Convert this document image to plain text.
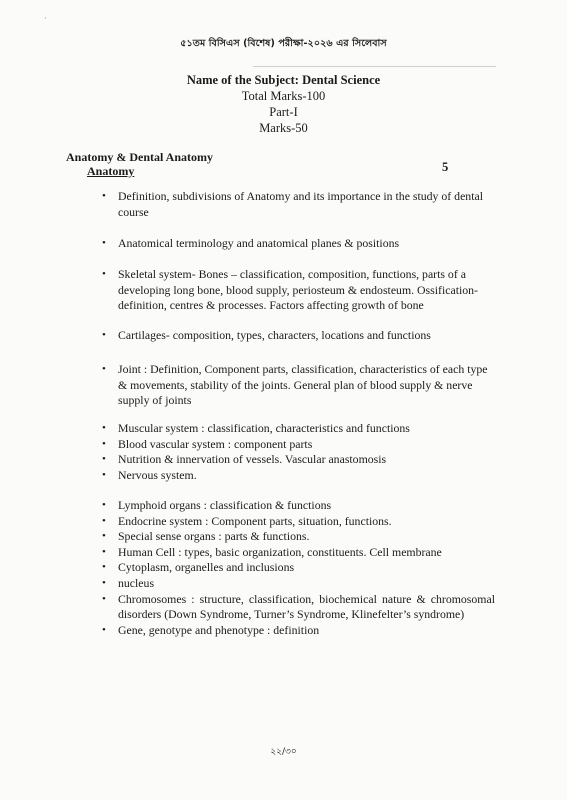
·
৫১তম বিসিএস (বিশেষ) পরীক্ষা-২০২৬ এর সিলেবাস
Name of the Subject: Dental Science
Total Marks-100
Part-I
Marks-50
Anatomy & Dental Anatomy
Anatomy	5
• Definition, subdivisions of Anatomy and its importance in the study of dental course
• Anatomical terminology and anatomical planes & positions
• Skeletal system- Bones – classification, composition, functions, parts of a developing long bone, blood supply, periosteum & endosteum. Ossification-definition, centres & processes. Factors affecting growth of bone
• Cartilages- composition, types, characters, locations and functions
• Joint : Definition, Component parts, classification, characteristics of each type & movements, stability of the joints. General plan of blood supply & nerve supply of joints
• Muscular system : classification, characteristics and functions
• Blood vascular system : component parts
• Nutrition & innervation of vessels. Vascular anastomosis
• Nervous system.
• Lymphoid organs : classification & functions
• Endocrine system : Component parts, situation, functions.
• Special sense organs : parts & functions.
• Human Cell : types, basic organization, constituents. Cell membrane
• Cytoplasm, organelles and inclusions
• nucleus
• Chromosomes : structure, classification, biochemical nature & chromosomal disorders (Down Syndrome, Turner’s Syndrome, Klinefelter’s syndrome)
• Gene, genotype and phenotype : definition
২২/৩০
